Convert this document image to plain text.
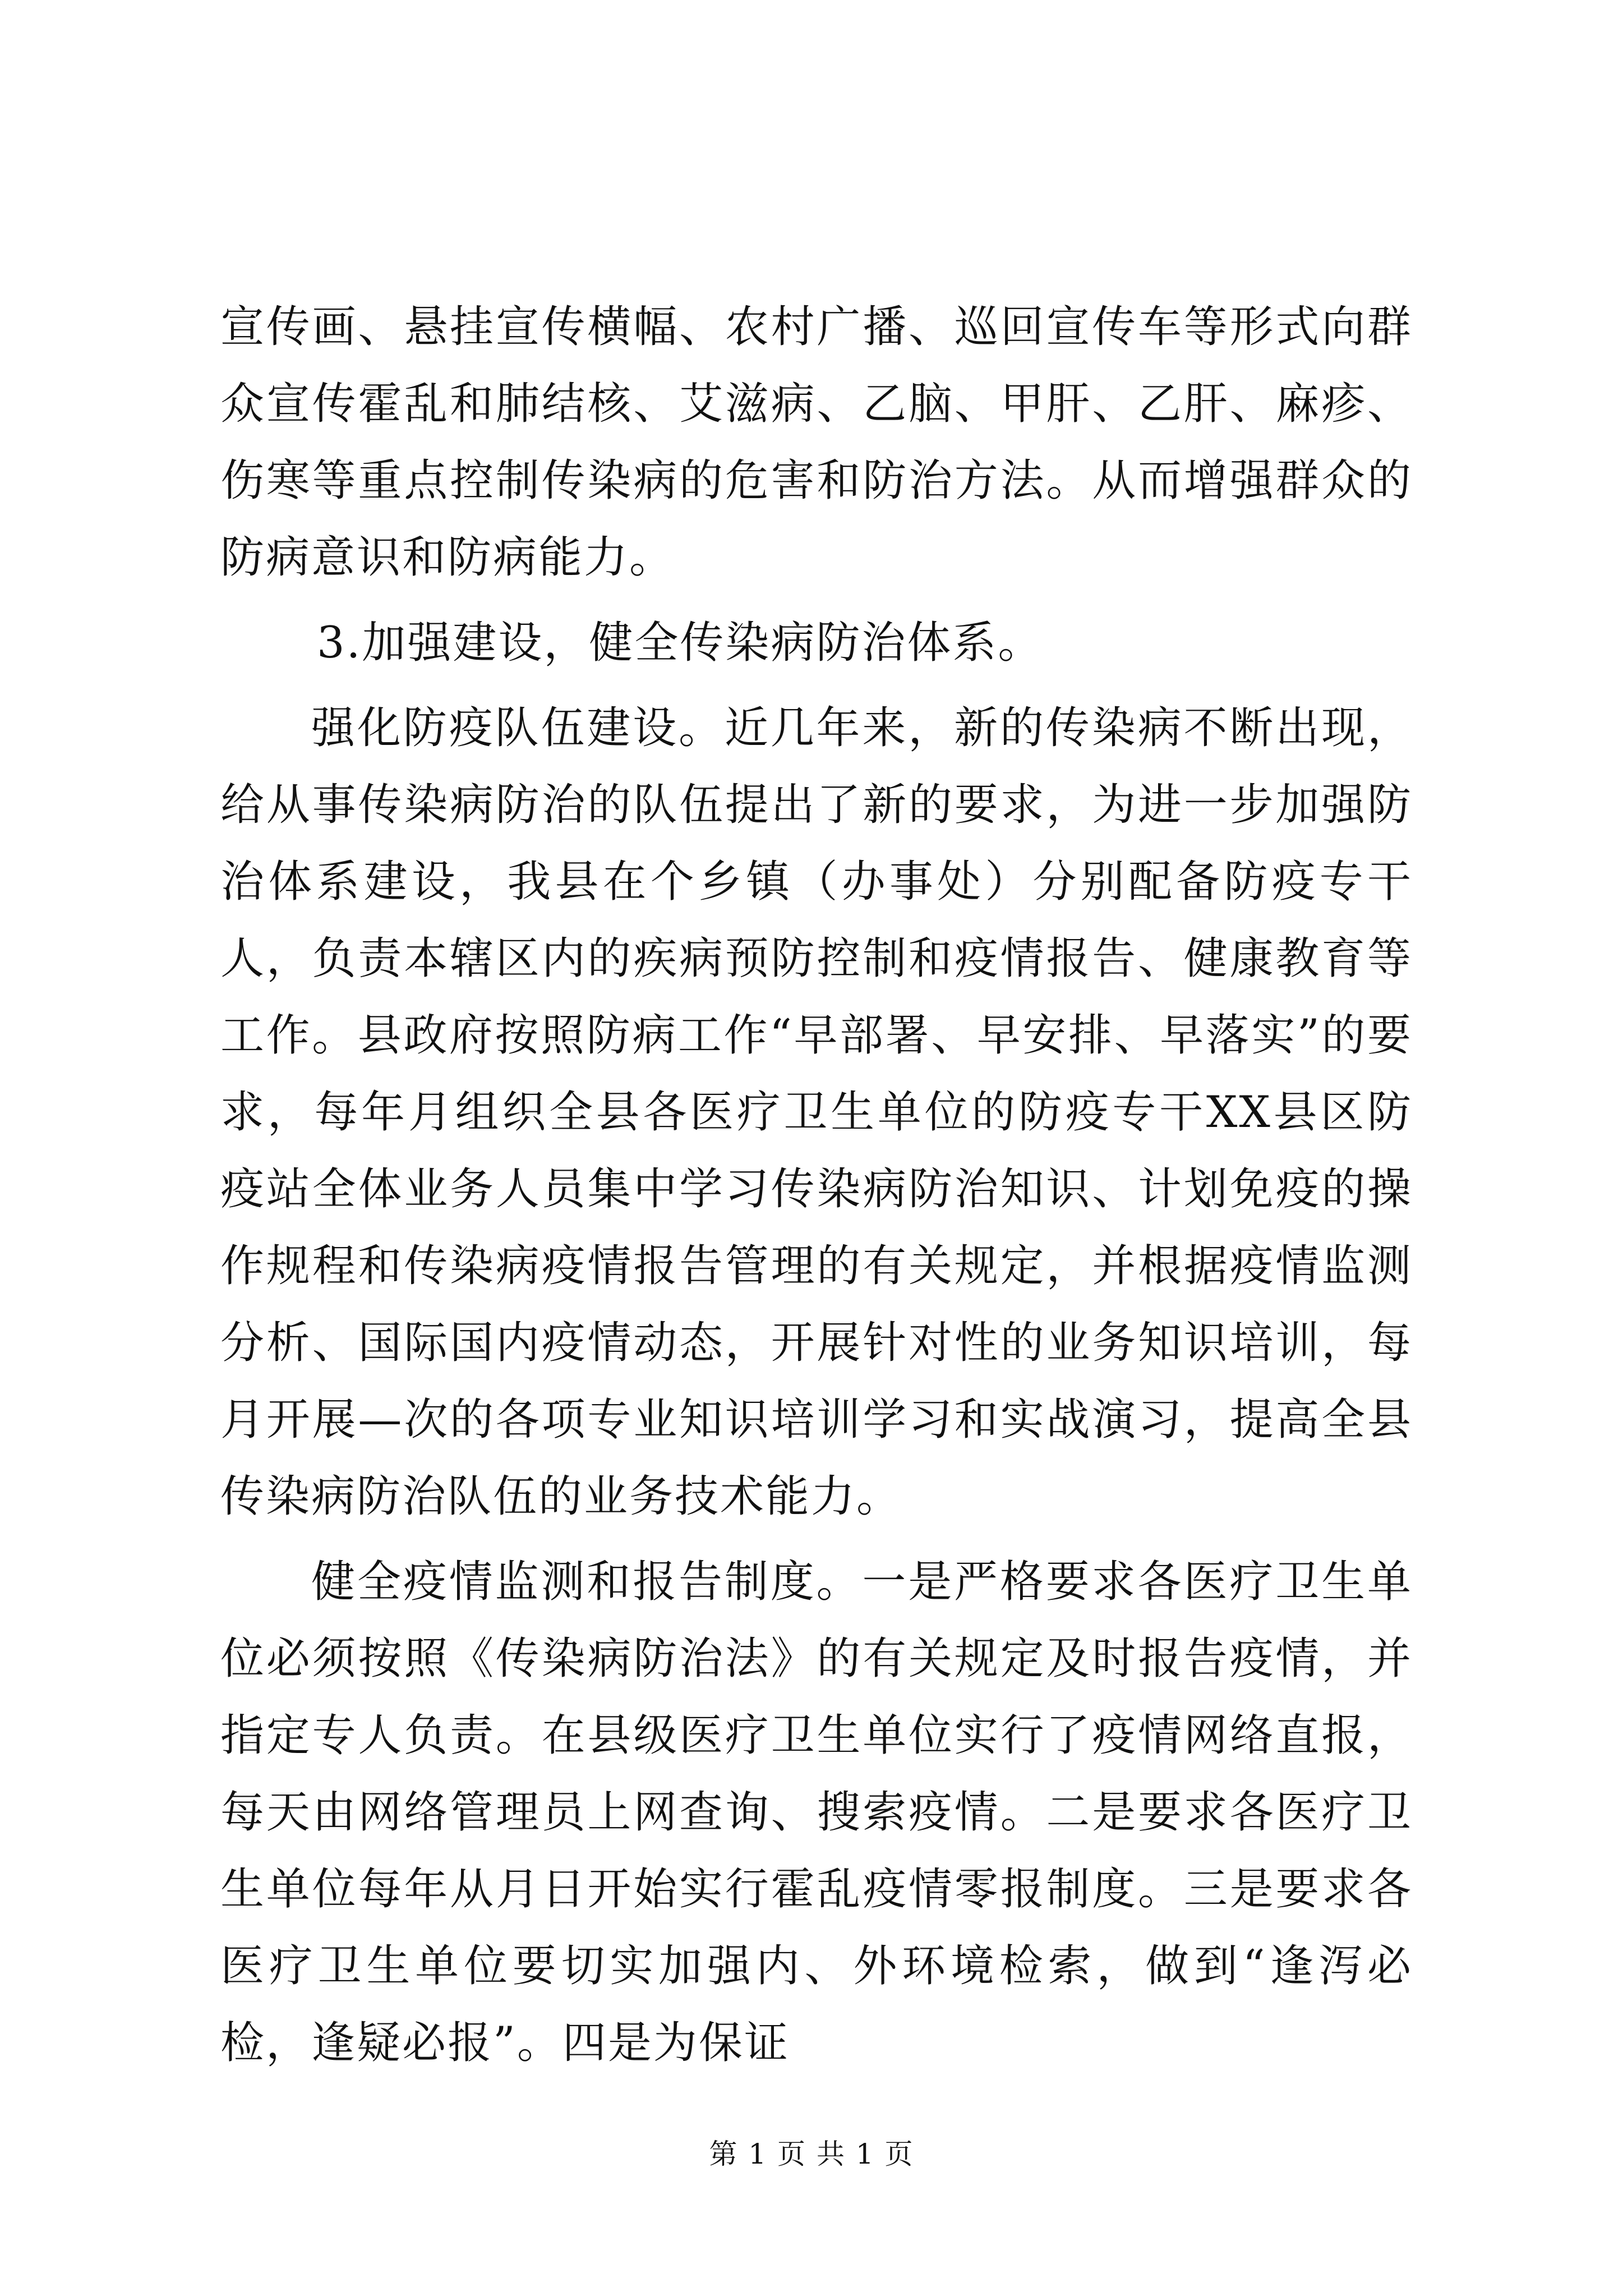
宣传画、悬挂宣传横幅、农村广播、巡回宣传车等形式向群众宣传霍乱和肺结核、艾滋病、乙脑、甲肝、乙肝、麻疹、伤寒等重点控制传染病的危害和防治方法。从而增强群众的防病意识和防病能力。

3.加强建设，健全传染病防治体系。

强化防疫队伍建设。近几年来，新的传染病不断出现，给从事传染病防治的队伍提出了新的要求，为进一步加强防治体系建设，我县在个乡镇（办事处）分别配备防疫专干人，负责本辖区内的疾病预防控制和疫情报告、健康教育等工作。县政府按照防病工作“早部署、早安排、早落实”的要求，每年月组织全县各医疗卫生单位的防疫专干XX县区防疫站全体业务人员集中学习传染病防治知识、计划免疫的操作规程和传染病疫情报告管理的有关规定，并根据疫情监测分析、国际国内疫情动态，开展针对性的业务知识培训，每月开展—次的各项专业知识培训学习和实战演习，提高全县传染病防治队伍的业务技术能力。

健全疫情监测和报告制度。一是严格要求各医疗卫生单位必须按照《传染病防治法》的有关规定及时报告疫情，并指定专人负责。在县级医疗卫生单位实行了疫情网络直报，每天由网络管理员上网查询、搜索疫情。二是要求各医疗卫生单位每年从月日开始实行霍乱疫情零报制度。三是要求各医疗卫生单位要切实加强内、外环境检索，做到“逢泻必检，逢疑必报”。四是为保证

第 1 页 共 1 页
